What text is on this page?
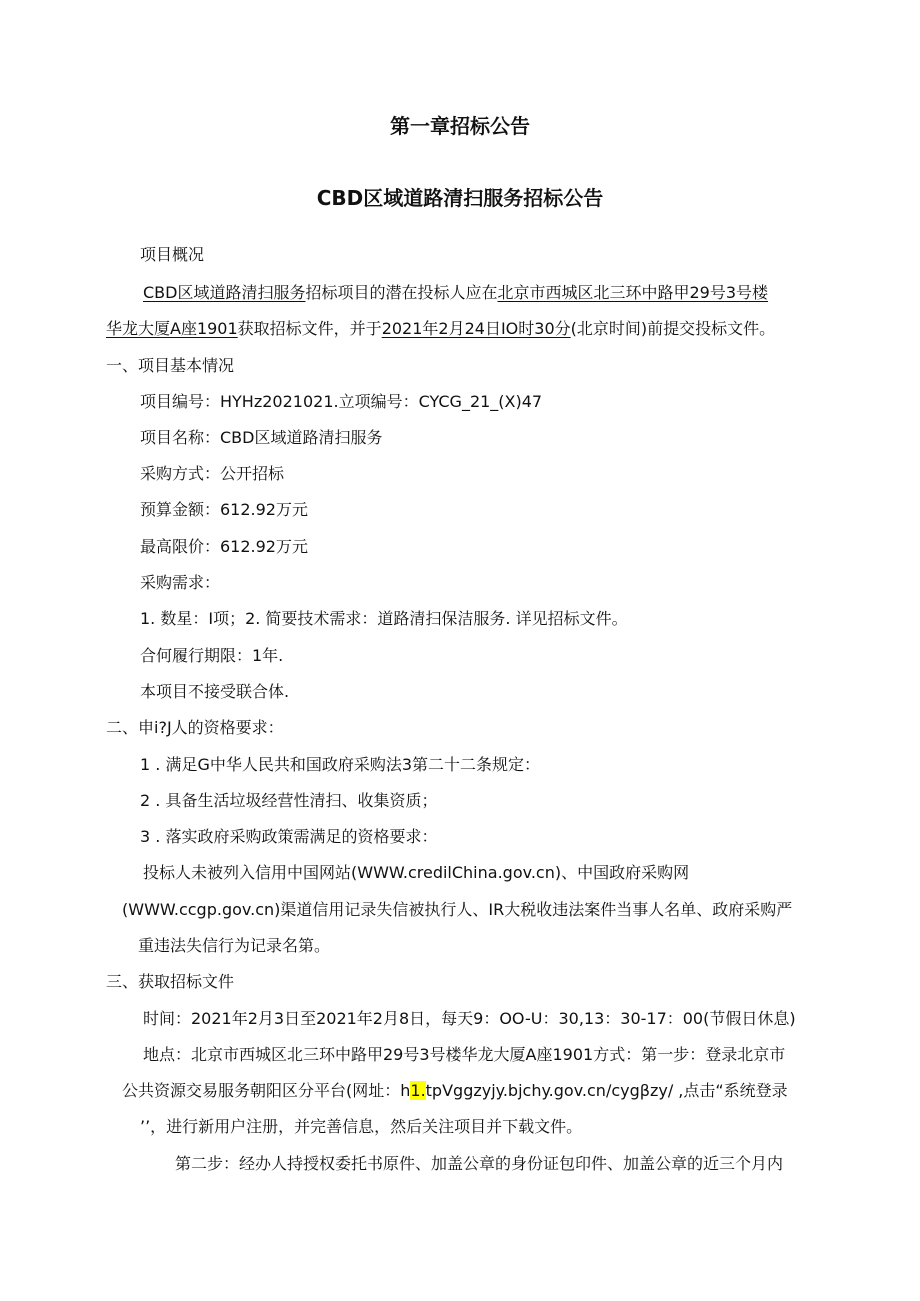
第一章招标公告
CBD区域道路清扫服务招标公告
项目概况
CBD区域道路清扫服务招标项目的潜在投标人应在北京市西城区北三环中路甲29号3号楼
华龙大厦A座1901获取招标文件，并于2021年2月24日IO时30分(北京时间)前提交投标文件。
一、项目基本情况
项目编号：HYHz2021021.立项编号：CYCG_21_(X)47
项目名称：CBD区域道路清扫服务
采购方式：公开招标
预算金额：612.92万元
最高限价：612.92万元
采购需求：
1. 数星：I项；2. 简要技术需求：道路清扫保洁服务. 详见招标文件。
合何履行期限：1年.
本项目不接受联合体.
二、申i?J人的资格要求：
1 . 满足G中华人民共和国政府采购法3第二十二条规定：
2 . 具备生活垃圾经营性清扫、收集资质；
3 . 落实政府采购政策需满足的资格要求：
投标人未被列入信用中国网站(WWW.credilChina.gov.cn)、中国政府采购网
(WWW.ccgp.gov.cn)渠道信用记录失信被执行人、IR大税收违法案件当事人名单、政府采购严
重违法失信行为记录名第。
三、获取招标文件
时间：2021年2月3日至2021年2月8日，每天9：OO-U：30,13：30-17：00(节假日休息)
地点：北京市西城区北三环中路甲29号3号楼华龙大厦A座1901方式：第一步：登录北京市
公共资源交易服务朝阳区分平台(网址：h1.tpVggzyjy.bjchy.gov.cn∕cygβzy∕ ,点击“系统登录
’’，进行新用户注册，并完善信息，然后关注项目并下载文件。
第二步：经办人持授权委托书原件、加盖公章的身份证包印件、加盖公章的近三个月内
